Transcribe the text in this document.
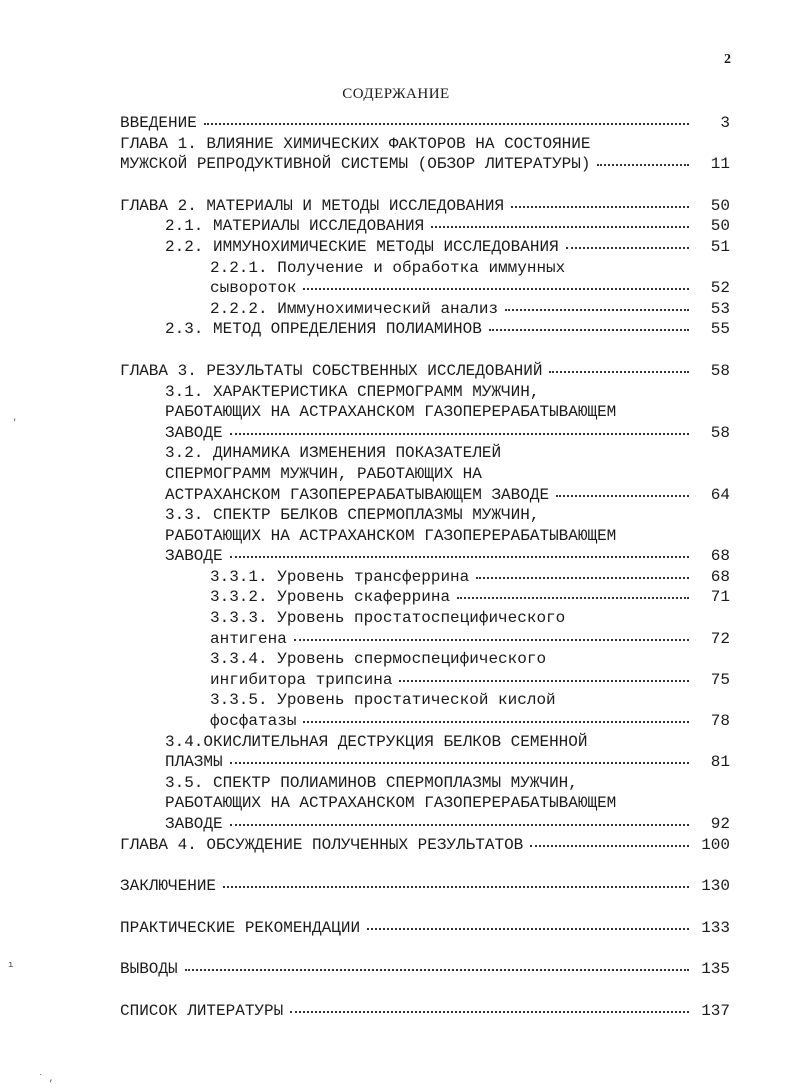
2
СОДЕРЖАНИЕ
ВВЕДЕНИЕ	3
ГЛАВА 1. ВЛИЯНИЕ ХИМИЧЕСКИХ ФАКТОРОВ НА СОСТОЯНИЕ
МУЖСКОЙ РЕПРОДУКТИВНОЙ СИСТЕМЫ (ОБЗОР ЛИТЕРАТУРЫ)	11
ГЛАВА 2. МАТЕРИАЛЫ И МЕТОДЫ ИССЛЕДОВАНИЯ	50
2.1. МАТЕРИАЛЫ ИССЛЕДОВАНИЯ	50
2.2. ИММУНОХИМИЧЕСКИЕ МЕТОДЫ ИССЛЕДОВАНИЯ	51
2.2.1. Получение и обработка иммунных
сывороток	52
2.2.2. Иммунохимический анализ	53
2.3. МЕТОД ОПРЕДЕЛЕНИЯ ПОЛИАМИНОВ	55
ГЛАВА 3. РЕЗУЛЬТАТЫ СОБСТВЕННЫХ ИССЛЕДОВАНИЙ	58
3.1. ХАРАКТЕРИСТИКА СПЕРМОГРАММ МУЖЧИН,
РАБОТАЮЩИХ НА АСТРАХАНСКОМ ГАЗОПЕРЕРАБАТЫВАЮЩЕМ
ЗАВОДЕ	58
3.2. ДИНАМИКА ИЗМЕНЕНИЯ ПОКАЗАТЕЛЕЙ
СПЕРМОГРАММ МУЖЧИН, РАБОТАЮЩИХ НА
АСТРАХАНСКОМ ГАЗОПЕРЕРАБАТЫВАЮЩЕМ ЗАВОДЕ	64
3.3. СПЕКТР БЕЛКОВ СПЕРМОПЛАЗМЫ МУЖЧИН,
РАБОТАЮЩИХ НА АСТРАХАНСКОМ ГАЗОПЕРЕРАБАТЫВАЮЩЕМ
ЗАВОДЕ	68
3.3.1. Уровень трансферрина	68
3.3.2. Уровень скаферрина	71
3.3.3. Уровень простатоспецифического
антигена	72
3.3.4. Уровень спермоспецифического
ингибитора трипсина	75
3.3.5. Уровень простатической кислой
фосфатазы	78
3.4.ОКИСЛИТЕЛЬНАЯ ДЕСТРУКЦИЯ БЕЛКОВ СЕМЕННОЙ
ПЛАЗМЫ	81
3.5. СПЕКТР ПОЛИАМИНОВ СПЕРМОПЛАЗМЫ МУЖЧИН,
РАБОТАЮЩИХ НА АСТРАХАНСКОМ ГАЗОПЕРЕРАБАТЫВАЮЩЕМ
ЗАВОДЕ	92
ГЛАВА 4. ОБСУЖДЕНИЕ ПОЛУЧЕННЫХ РЕЗУЛЬТАТОВ	100
ЗАКЛЮЧЕНИЕ	130
ПРАКТИЧЕСКИЕ РЕКОМЕНДАЦИИ	133
ВЫВОДЫ	135
СПИСОК ЛИТЕРАТУРЫ	137
'
ı
˙ ,
